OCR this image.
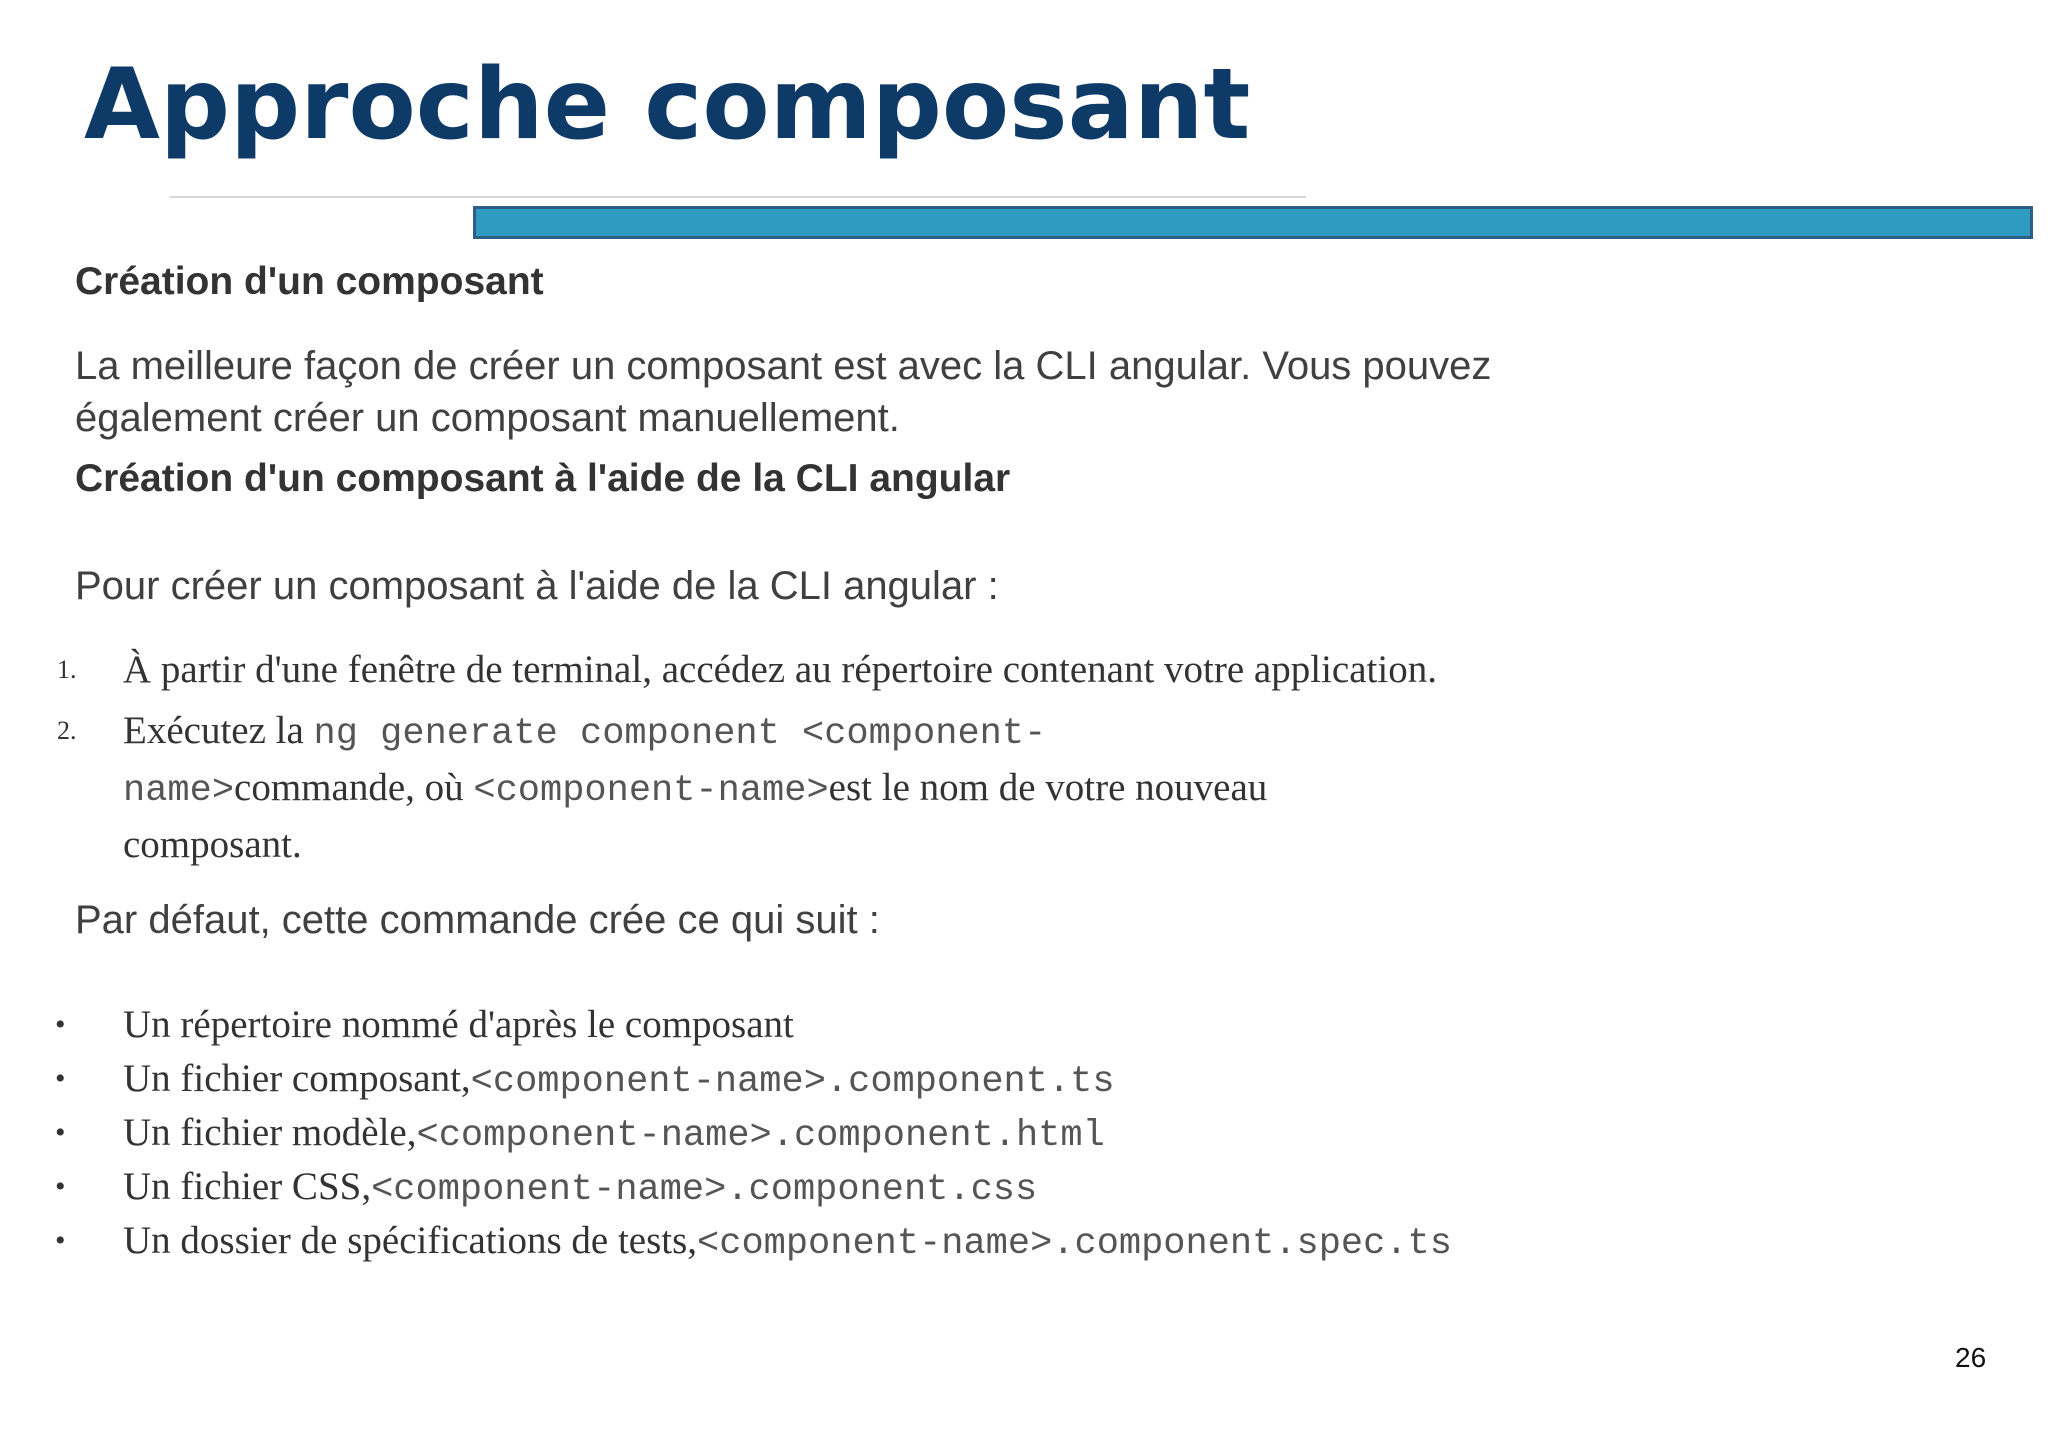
Approche composant

Création d'un composant

La meilleure façon de créer un composant est avec la CLI angular. Vous pouvez également créer un composant manuellement.

Création d'un composant à l'aide de la CLI angular

Pour créer un composant à l'aide de la CLI angular :

1. À partir d'une fenêtre de terminal, accédez au répertoire contenant votre application.
2. Exécutez la ng generate component <component-
name>commande, où <component-name>est le nom de votre nouveau
composant.

Par défaut, cette commande crée ce qui suit :

• Un répertoire nommé d'après le composant
• Un fichier composant,<component-name>.component.ts
• Un fichier modèle,<component-name>.component.html
• Un fichier CSS,<component-name>.component.css
• Un dossier de spécifications de tests,<component-name>.component.spec.ts
26
